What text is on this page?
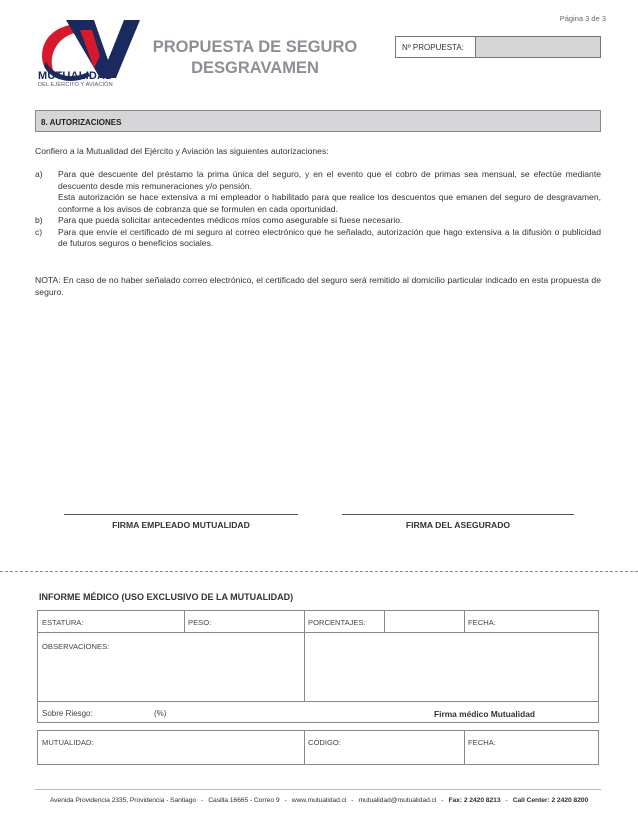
Página 3 de 3
1917
MUTUALIDAD
DEL EJÉRCITO Y AVIACIÓN
PROPUESTA DE SEGURO
DESGRAVAMEN
Nº PROPUESTA:
8. AUTORIZACIONES
Confiero a la Mutualidad del Ejército y Aviación las siguientes autorizaciones:
a)	Para que descuente del préstamo la prima única del seguro, y en el evento que el cobro de primas sea mensual, se efectúe mediante descuento desde mis remuneraciones y/o pensión.
Esta autorización se hace extensiva a mi empleador o habilitado para que realice los descuentos que emanen del seguro de desgravamen, conforme a los avisos de cobranza que se formulen en cada oportunidad.
b)	Para que pueda solicitar antecedentes médicos míos como asegurable si fuese necesario.
c)	Para que envíe el certificado de mi seguro al correo electrónico que he señalado, autorización que hago extensiva a la difusión o publicidad de futuros seguros o beneficios sociales.
NOTA: En caso de no haber señalado correo electrónico, el certificado del seguro será remitido al domicilio particular indicado en esta propuesta de seguro.
FIRMA EMPLEADO MUTUALIDAD	FIRMA DEL ASEGURADO
INFORME MÉDICO (USO EXCLUSIVO DE LA MUTUALIDAD)
ESTATURA:	PESO:	PORCENTAJES:	FECHA:
OBSERVACIONES:
Sobre Riesgo:	(%)	Firma médico Mutualidad
MUTUALIDAD:	CÓDIGO:	FECHA:
Avenida Providencia 2335, Providencia - Santiago - Casilla 16665 - Correo 9 - www.mutualidad.cl - mutualidad@mutualidad.cl - Fax: 2 2420 8213 - Call Center: 2 2420 8200
